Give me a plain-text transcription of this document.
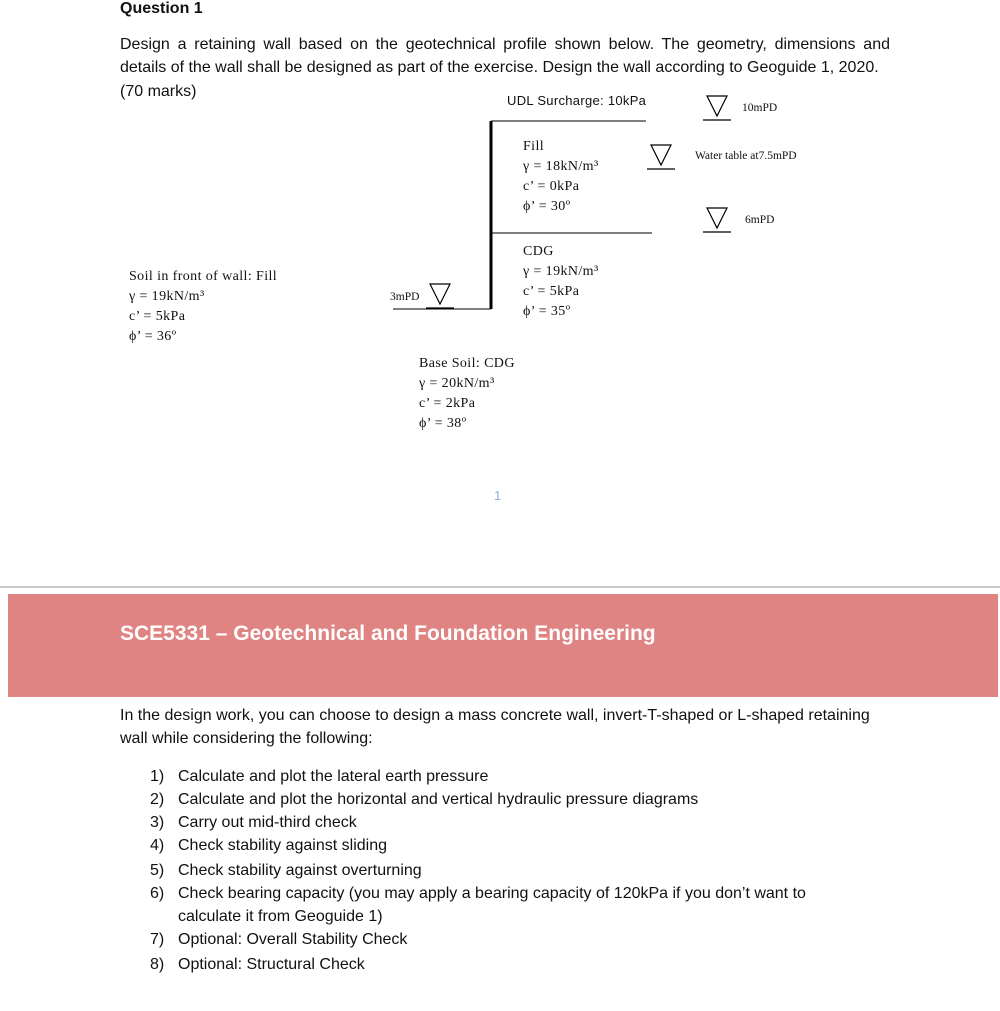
Question 1
Design a retaining wall based on the geotechnical profile shown below. The geometry, dimensions and details of the wall shall be designed as part of the exercise. Design the wall according to Geoguide 1, 2020.
(70 marks)
UDL Surcharge: 10kPa	10mPD
Water table at7.5mPD
6mPD
3mPD
Fill
γ = 18kN/m³
c’ = 0kPa
ϕ’ = 30º
CDG
γ = 19kN/m³
c’ = 5kPa
ϕ’ = 35º
Soil in front of wall: Fill
γ = 19kN/m³
c’ = 5kPa
ϕ’ = 36º
Base Soil: CDG
γ = 20kN/m³
c’ = 2kPa
ϕ’ = 38º
1
SCE5331 – Geotechnical and Foundation Engineering
In the design work, you can choose to design a mass concrete wall, invert-T-shaped or L-shaped retaining wall while considering the following:
1) Calculate and plot the lateral earth pressure
2) Calculate and plot the horizontal and vertical hydraulic pressure diagrams
3) Carry out mid-third check
4) Check stability against sliding
5) Check stability against overturning
6) Check bearing capacity (you may apply a bearing capacity of 120kPa if you don’t want to calculate it from Geoguide 1)
7) Optional: Overall Stability Check
8) Optional: Structural Check
